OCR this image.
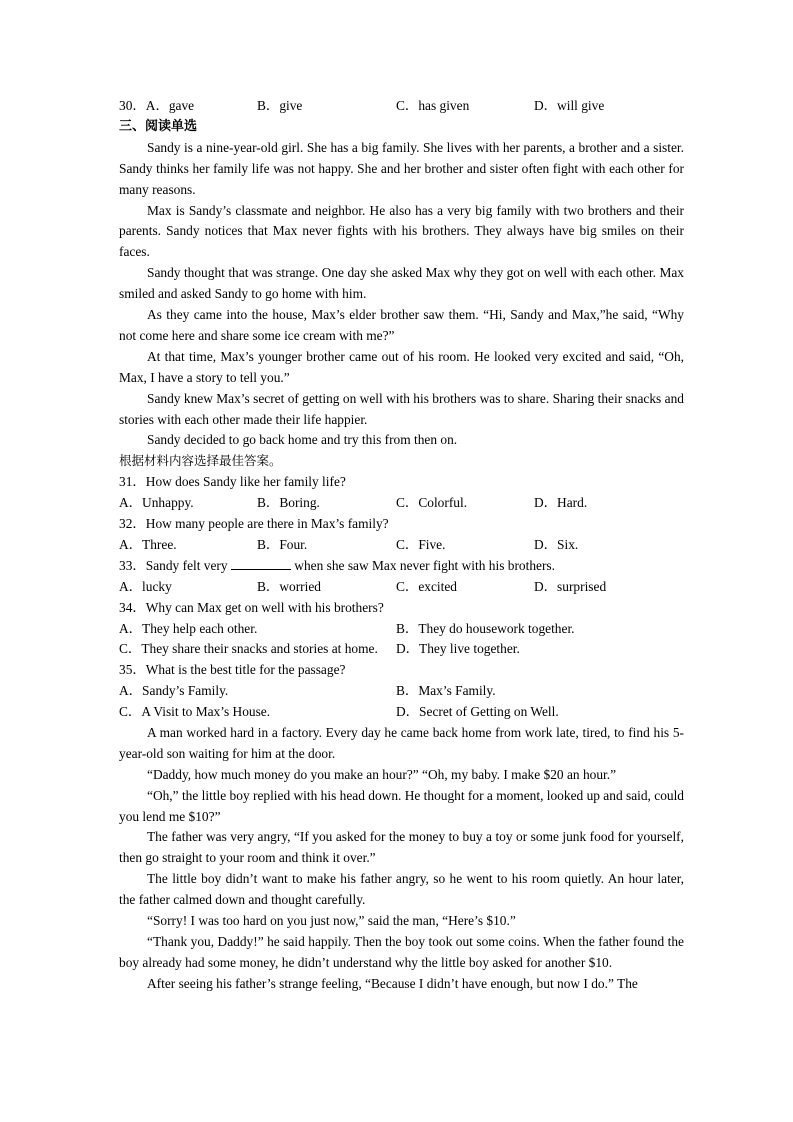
30．A．gave	B．give	C．has given	D．will give
三、阅读单选
Sandy is a nine-year-old girl. She has a big family. She lives with her parents, a brother and a sister. Sandy thinks her family life was not happy. She and her brother and sister often fight with each other for many reasons.
Max is Sandy’s classmate and neighbor. He also has a very big family with two brothers and their parents. Sandy notices that Max never fights with his brothers. They always have big smiles on their faces.
Sandy thought that was strange. One day she asked Max why they got on well with each other. Max smiled and asked Sandy to go home with him.
As they came into the house, Max’s elder brother saw them. “Hi, Sandy and Max,”he said, “Why not come here and share some ice cream with me?”
At that time, Max’s younger brother came out of his room. He looked very excited and said, “Oh, Max, I have a story to tell you.”
Sandy knew Max’s secret of getting on well with his brothers was to share. Sharing their snacks and stories with each other made their life happier.
Sandy decided to go back home and try this from then on.
根据材料内容选择最佳答案。
31．How does Sandy like her family life?
A．Unhappy.	B．Boring.	C．Colorful.	D．Hard.
32．How many people are there in Max’s family?
A．Three.	B．Four.	C．Five.	D．Six.
33．Sandy felt very	when she saw Max never fight with his brothers.
A．lucky	B．worried	C．excited	D．surprised
34．Why can Max get on well with his brothers?
A．They help each other.	B．They do housework together.
C．They share their snacks and stories at home. D．They live together.
35．What is the best title for the passage?
A．Sandy’s Family.	B．Max’s Family.
C．A Visit to Max’s House.	D．Secret of Getting on Well.
A man worked hard in a factory. Every day he came back home from work late, tired, to find his 5-year-old son waiting for him at the door.
“Daddy, how much money do you make an hour?” “Oh, my baby. I make $20 an hour.”
“Oh,” the little boy replied with his head down. He thought for a moment, looked up and said, could you lend me $10?”
The father was very angry, “If you asked for the money to buy a toy or some junk food for yourself, then go straight to your room and think it over.”
The little boy didn’t want to make his father angry, so he went to his room quietly. An hour later, the father calmed down and thought carefully.
“Sorry! I was too hard on you just now,” said the man, “Here’s $10.”
“Thank you, Daddy!” he said happily. Then the boy took out some coins. When the father found the boy already had some money, he didn’t understand why the little boy asked for another $10.
After seeing his father’s strange feeling, “Because I didn’t have enough, but now I do.” The
